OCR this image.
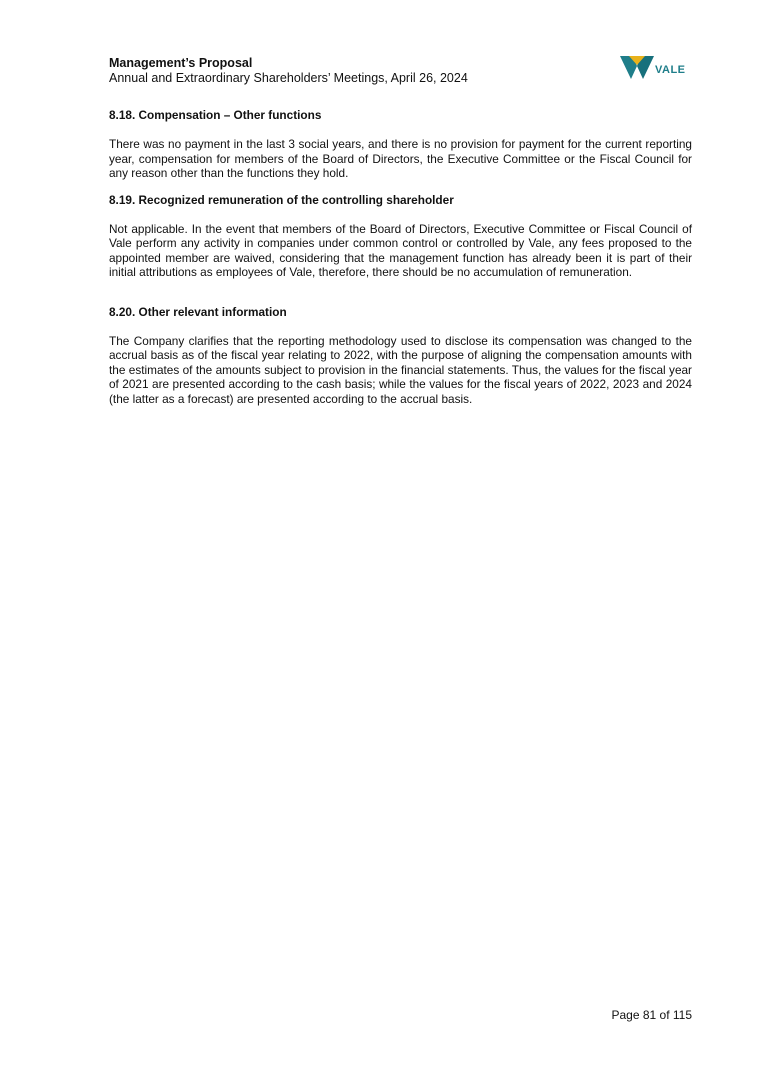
Management’s Proposal
Annual and Extraordinary Shareholders’ Meetings, April 26, 2024
VALE
8.18. Compensation – Other functions

There was no payment in the last 3 social years, and there is no provision for payment for the current reporting year, compensation for members of the Board of Directors, the Executive Committee or the Fiscal Council for any reason other than the functions they hold.

8.19. Recognized remuneration of the controlling shareholder

Not applicable. In the event that members of the Board of Directors, Executive Committee or Fiscal Council of Vale perform any activity in companies under common control or controlled by Vale, any fees proposed to the appointed member are waived, considering that the management function has already been it is part of their initial attributions as employees of Vale, therefore, there should be no accumulation of remuneration.

8.20. Other relevant information

The Company clarifies that the reporting methodology used to disclose its compensation was changed to the accrual basis as of the fiscal year relating to 2022, with the purpose of aligning the compensation amounts with the estimates of the amounts subject to provision in the financial statements. Thus, the values for the fiscal year of 2021 are presented according to the cash basis; while the values for the fiscal years of 2022, 2023 and 2024 (the latter as a forecast) are presented according to the accrual basis.

Page 81 of 115
